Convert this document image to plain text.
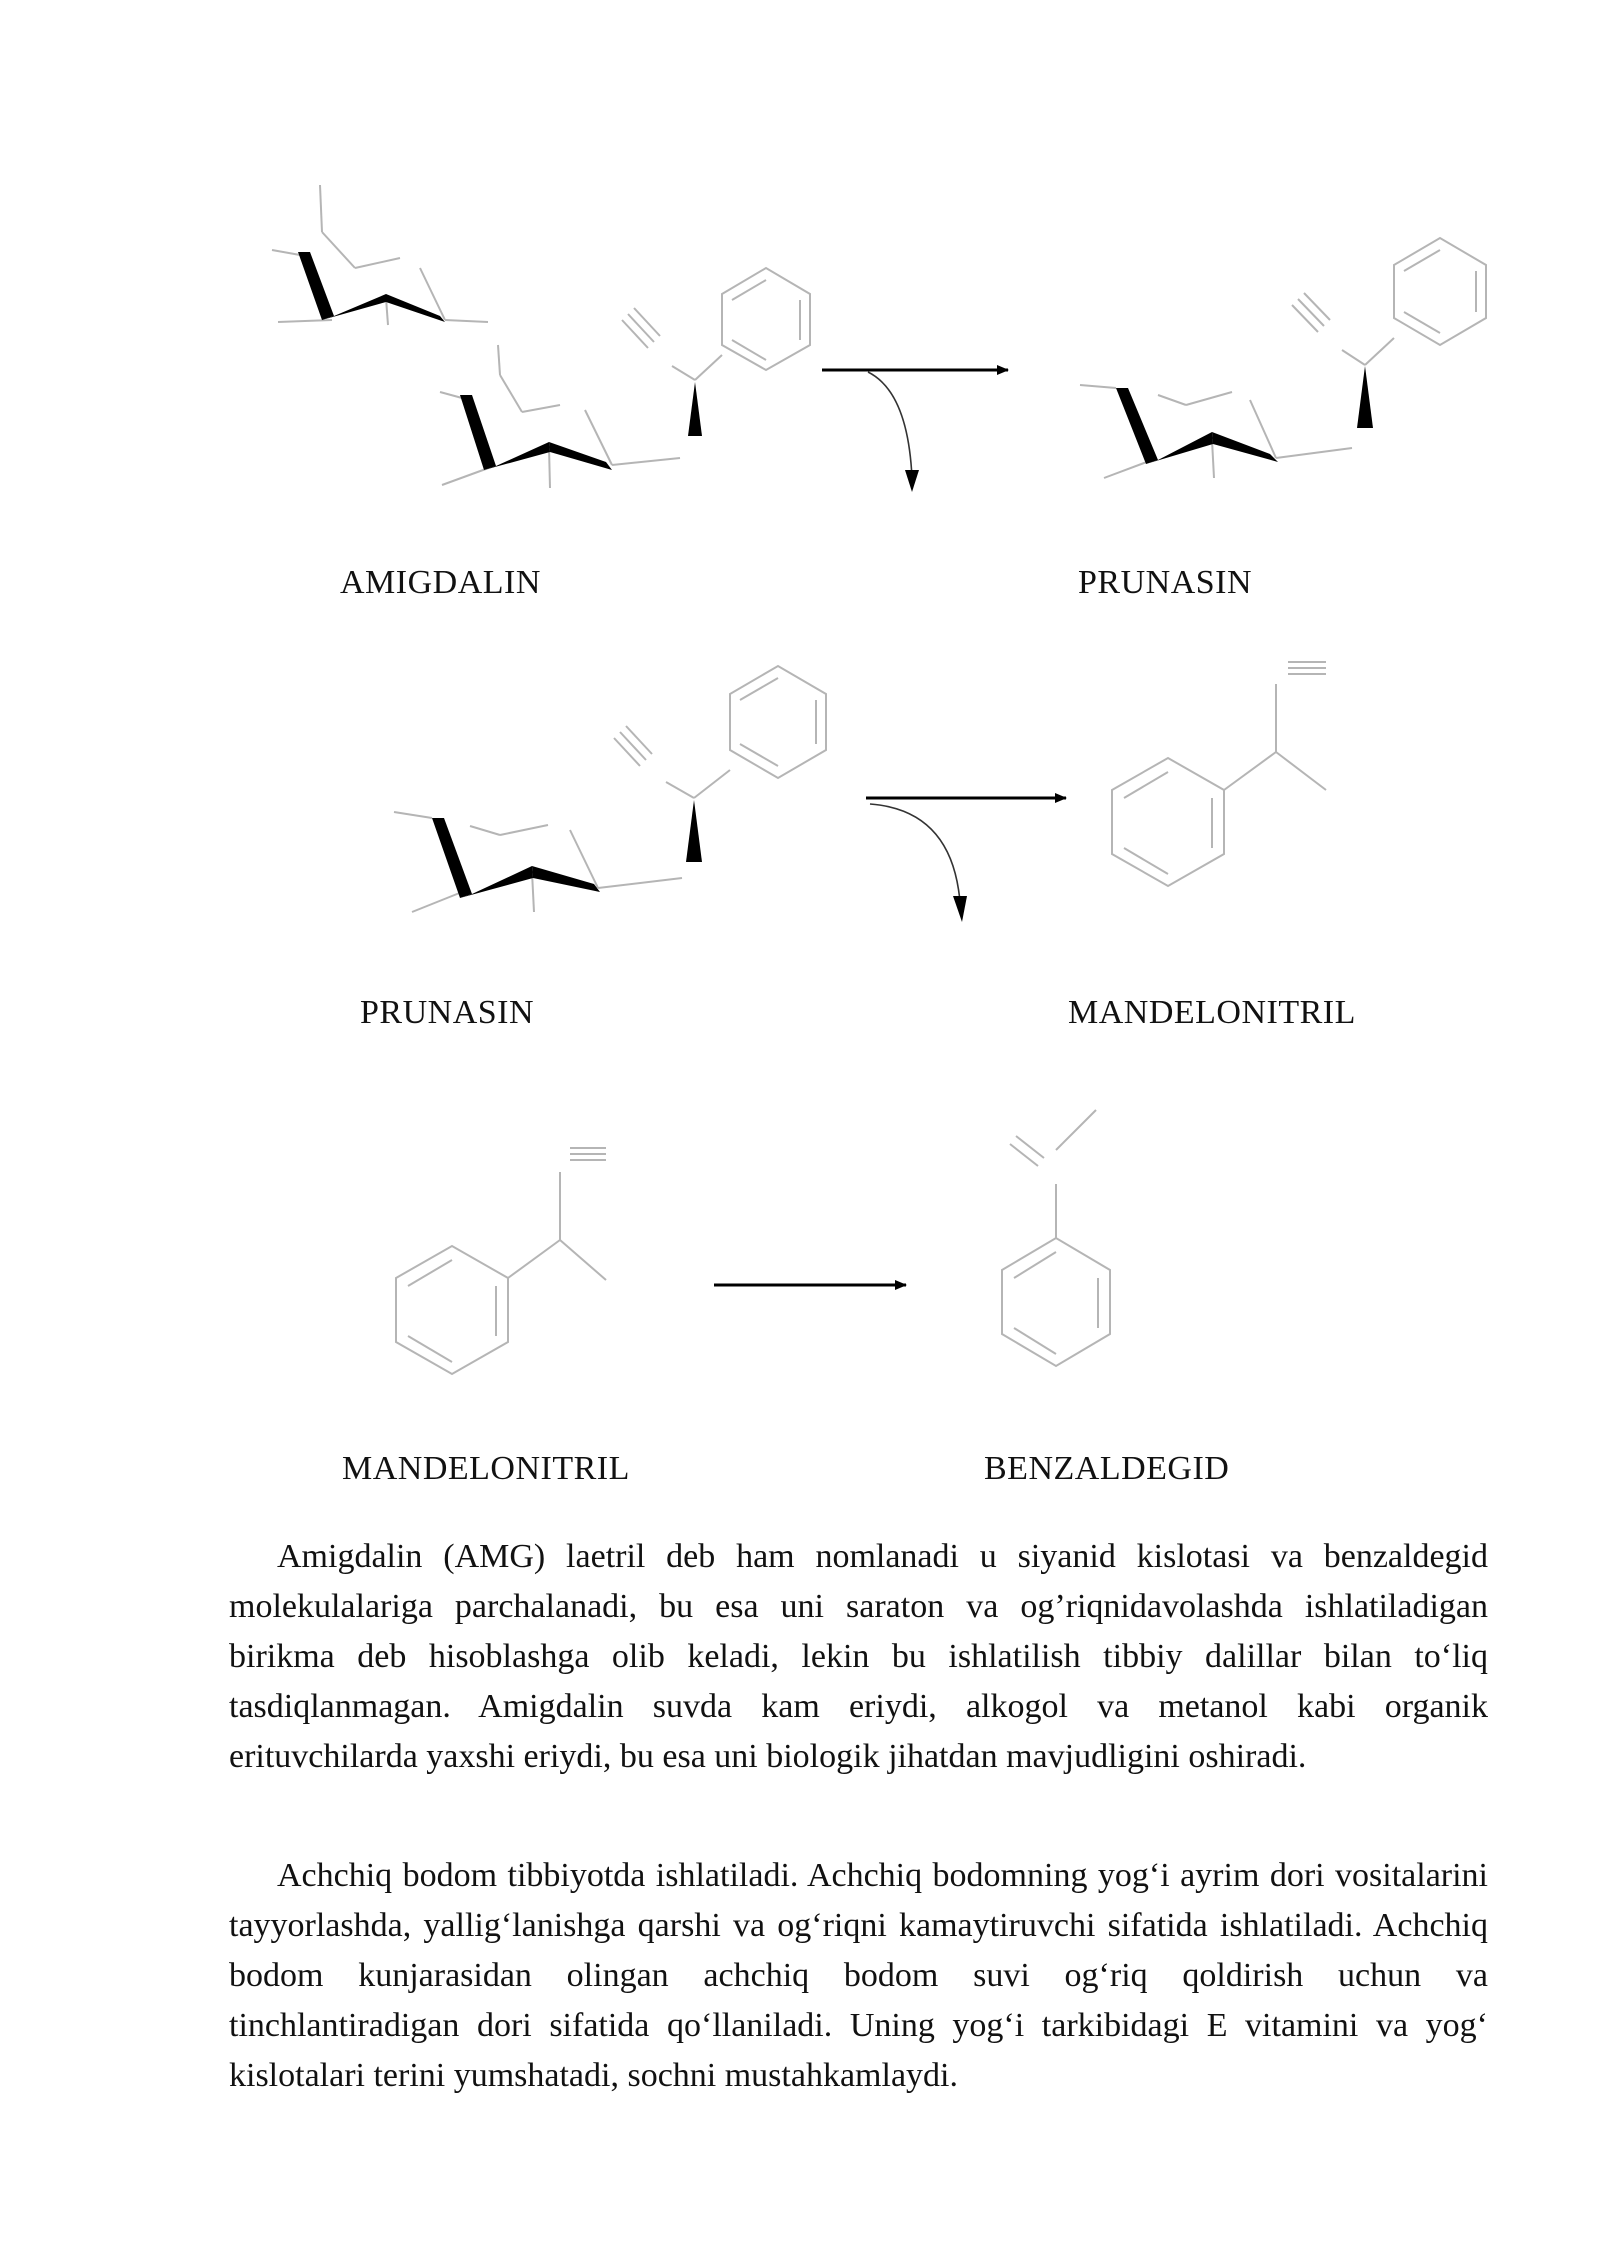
AMIGDALIN	PRUNASIN
PRUNASIN	MANDELONITRIL
MANDELONITRIL	BENZALDEGID

Amigdalin (AMG) laetril deb ham nomlanadi u siyanid kislotasi va benzaldegid molekulalariga parchalanadi, bu esa uni saraton va og’riqnidavolashda ishlatiladigan birikma deb hisoblashga olib keladi, lekin bu ishlatilish tibbiy dalillar bilan to‘liq tasdiqlanmagan. Amigdalin suvda kam eriydi, alkogol va metanol kabi organik erituvchilarda yaxshi eriydi, bu esa uni biologik jihatdan mavjudligini oshiradi.

Achchiq bodom tibbiyotda ishlatiladi. Achchiq bodomning yog‘i ayrim dori vositalarini tayyorlashda, yallig‘lanishga qarshi va og‘riqni kamaytiruvchi sifatida ishlatiladi. Achchiq bodom kunjarasidan olingan achchiq bodom suvi og‘riq qoldirish uchun va tinchlantiradigan dori sifatida qo‘llaniladi. Uning yog‘i tarkibidagi E vitamini va yog‘ kislotalari terini yumshatadi, sochni mustahkamlaydi.
